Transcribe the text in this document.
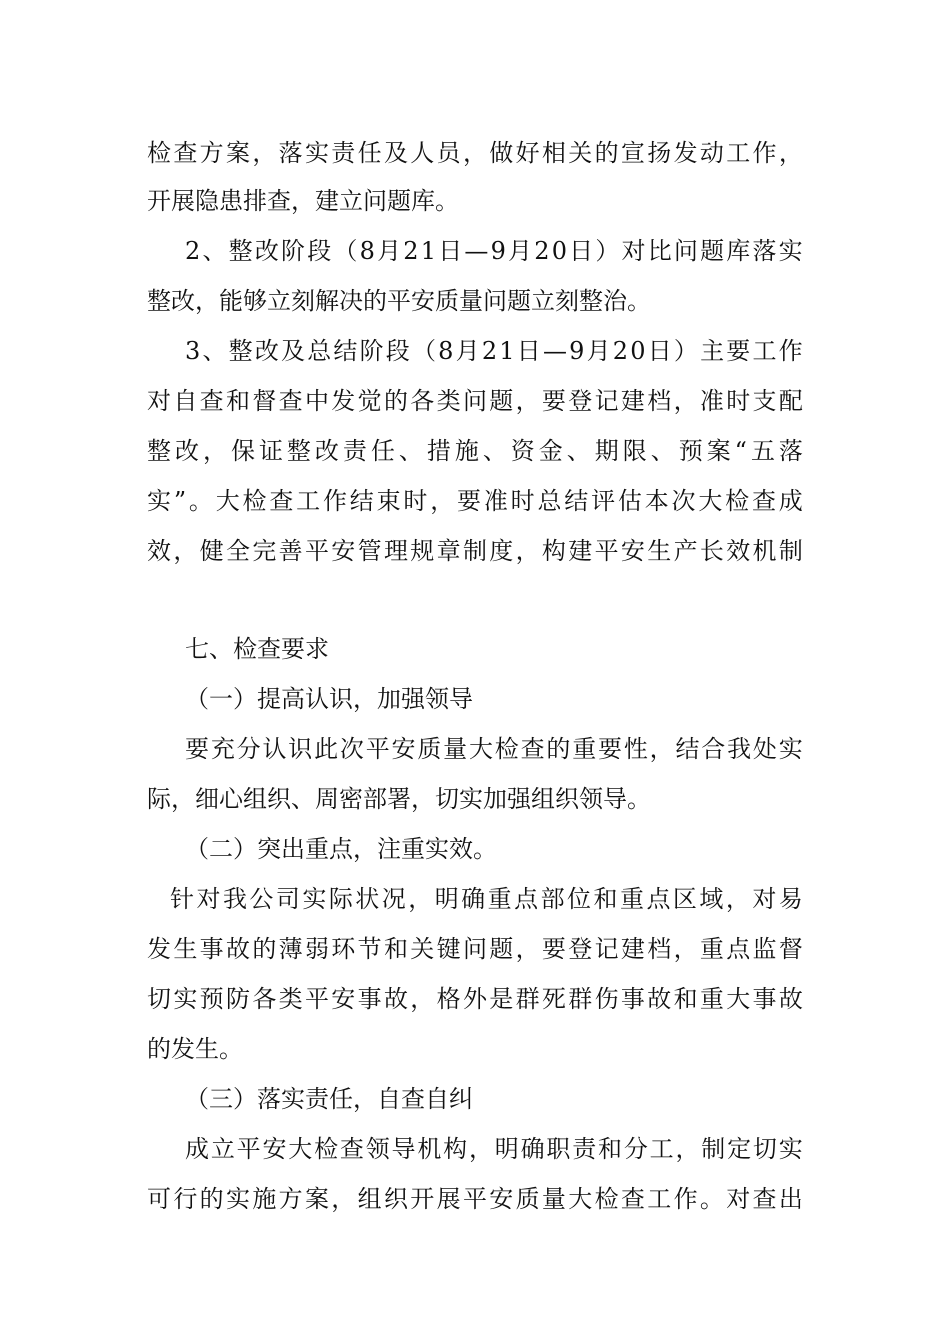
检 查 方 案 ， 落 实 责 任 及 人 员 ， 做 好 相 关 的 宣 扬 发 动 工 作 ，
开展隐患排查，建立问题库。
2 、 整 改 阶 段 （ 8 月 2 1 日 — 9 月 2 0 日 ） 对 比 问 题 库 落 实
整改，能够立刻解决的平安质量问题立刻整治。
3 、 整 改 及 总 结 阶 段 （ 8 月 2 1 日 — 9 月 2 0 日 ） 主 要 工 作
对 自 查 和 督 查 中 发 觉 的 各 类 问 题 ， 要 登 记 建 档 ， 准 时 支 配
整 改 ， 保 证 整 改 责 任 、 措 施 、 资 金 、 期 限 、 预 案 “ 五 落
实 ” 。 大 检 查 工 作 结 束 时 ， 要 准 时 总 结 评 估 本 次 大 检 查 成
效 ， 健 全 完 善 平 安 管 理 规 章 制 度 ， 构 建 平 安 生 产 长 效 机 制
七、检查要求
（一）提高认识，加强领导
要 充 分 认 识 此 次 平 安 质 量 大 检 查 的 重 要 性 ， 结 合 我 处 实
际，细心组织、周密部署，切实加强组织领导。
（二）突出重点，注重实效。
针 对 我 公 司 实 际 状 况 ， 明 确 重 点 部 位 和 重 点 区 域 ， 对 易
发 生 事 故 的 薄 弱 环 节 和 关 键 问 题 ， 要 登 记 建 档 ， 重 点 监 督
切 实 预 防 各 类 平 安 事 故 ， 格 外 是 群 死 群 伤 事 故 和 重 大 事 故
的发生。
（三）落实责任，自查自纠
成 立 平 安 大 检 查 领 导 机 构 ， 明 确 职 责 和 分 工 ， 制 定 切 实
可 行 的 实 施 方 案 ， 组 织 开 展 平 安 质 量 大 检 查 工 作 。 对 查 出
